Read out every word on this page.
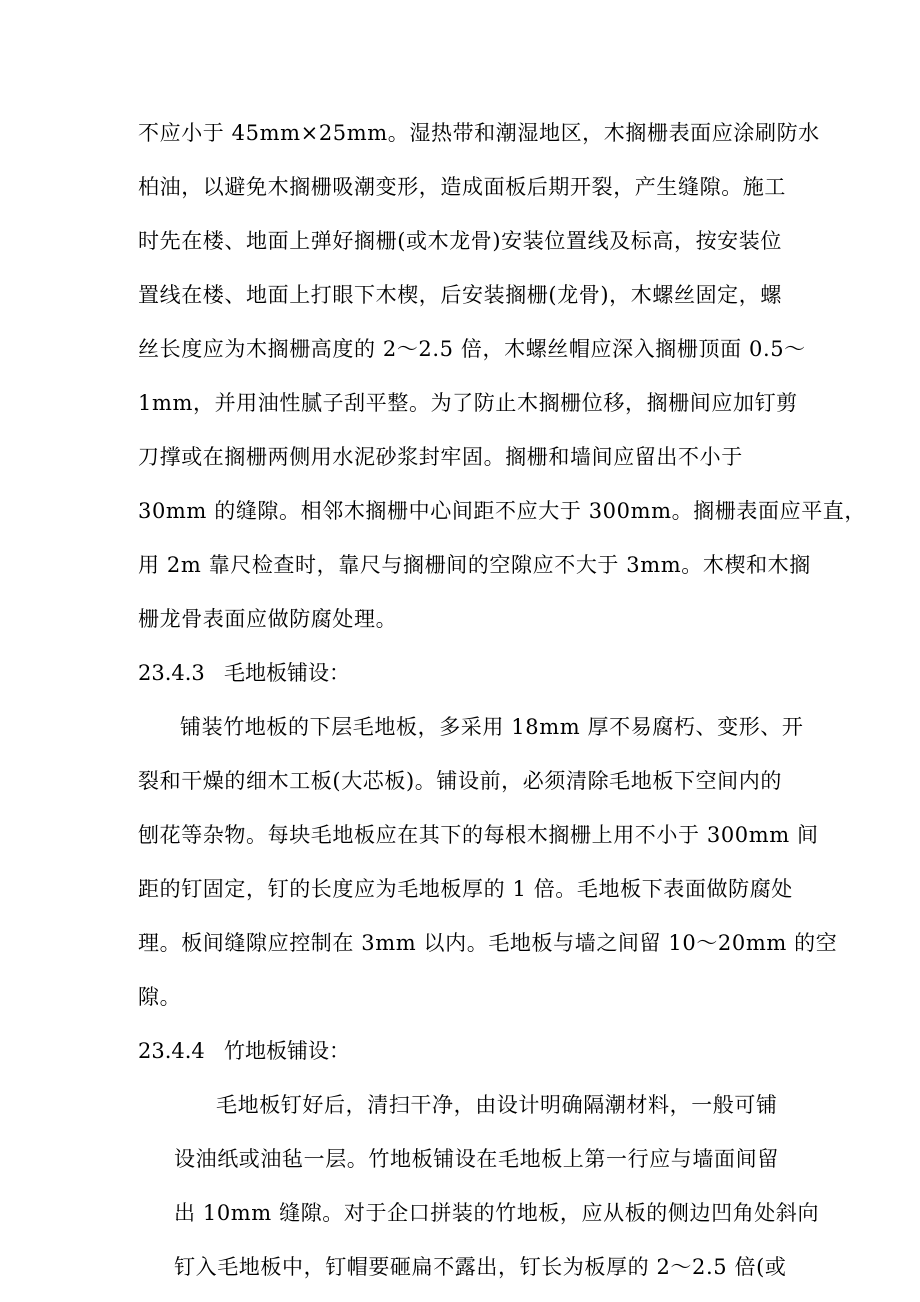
不应小于 45mm×25mm。湿热带和潮湿地区，木搁栅表面应涂刷防水
柏油，以避免木搁栅吸潮变形，造成面板后期开裂，产生缝隙。施工
时先在楼、地面上弹好搁栅(或木龙骨)安装位置线及标高，按安装位
置线在楼、地面上打眼下木楔，后安装搁栅(龙骨)，木螺丝固定，螺
丝长度应为木搁栅高度的 2～2.5 倍，木螺丝帽应深入搁栅顶面 0.5～
1mm，并用油性腻子刮平整。为了防止木搁栅位移，搁栅间应加钉剪
刀撑或在搁栅两侧用水泥砂浆封牢固。搁栅和墙间应留出不小于
30mm 的缝隙。相邻木搁栅中心间距不应大于 300mm。搁栅表面应平直，
用 2m 靠尺检查时，靠尺与搁栅间的空隙应不大于 3mm。木楔和木搁
栅龙骨表面应做防腐处理。
23.4.3 毛地板铺设：
铺装竹地板的下层毛地板，多采用 18mm 厚不易腐朽、变形、开
裂和干燥的细木工板(大芯板)。铺设前，必须清除毛地板下空间内的
刨花等杂物。每块毛地板应在其下的每根木搁栅上用不小于 300mm 间
距的钉固定，钉的长度应为毛地板厚的 1 倍。毛地板下表面做防腐处
理。板间缝隙应控制在 3mm 以内。毛地板与墙之间留 10～20mm 的空
隙。
23.4.4 竹地板铺设：
毛地板钉好后，清扫干净，由设计明确隔潮材料，一般可铺
设油纸或油毡一层。竹地板铺设在毛地板上第一行应与墙面间留
出 10mm 缝隙。对于企口拼装的竹地板，应从板的侧边凹角处斜向
钉入毛地板中，钉帽要砸扁不露出，钉长为板厚的 2～2.5 倍(或
